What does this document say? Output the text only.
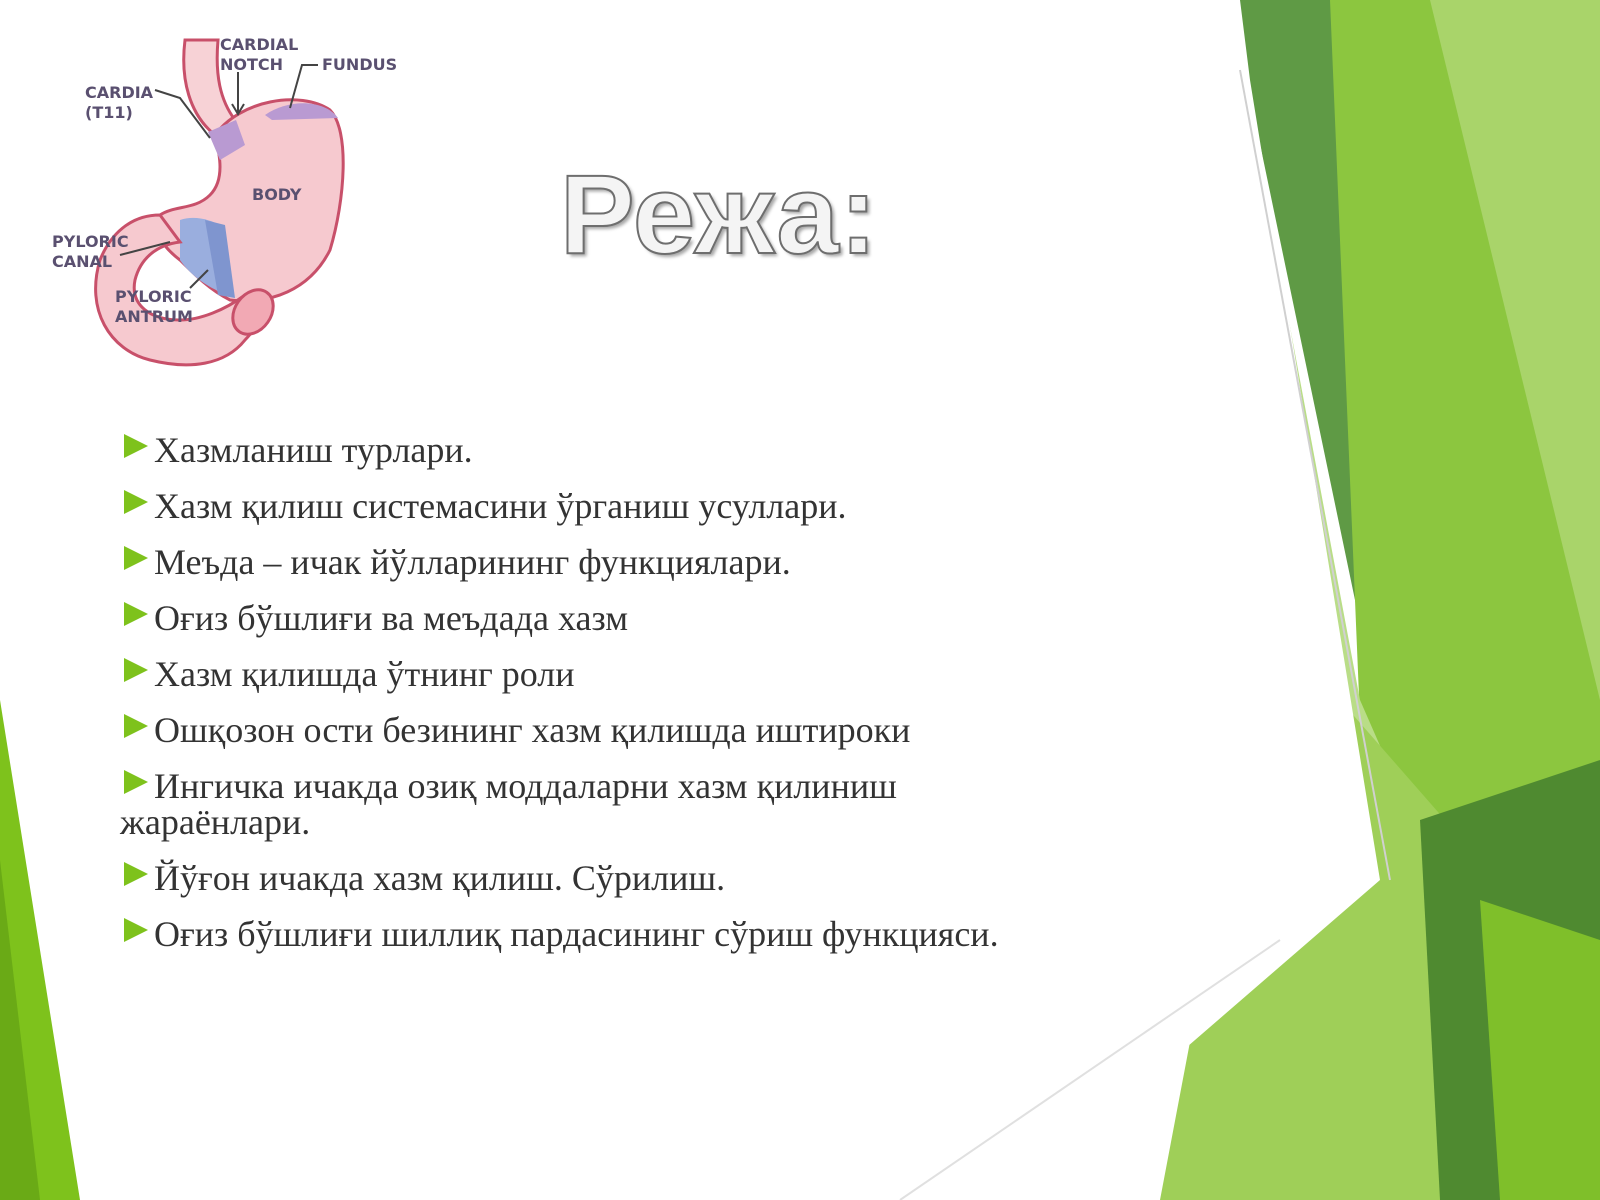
CARDIAL
NOTCH FUNDUS
CARDIA
(T11)
BODY
PYLORIC
CANAL
PYLORIC
ANTRUM
Режа:
Хазмланиш турлари.
Хазм қилиш системасини ўрганиш усуллари.
Меъда – ичак йўлларининг функциялари.
Оғиз бўшлиғи ва меъдада хазм
Хазм қилишда ўтнинг роли
Ошқозон ости безининг хазм қилишда иштироки
Ингичка ичакда озиқ моддаларни хазм қилиниш жараёнлари.
Йўғон ичакда хазм қилиш. Сўрилиш.
Оғиз бўшлиғи шиллиқ пардасининг сўриш функцияси.
